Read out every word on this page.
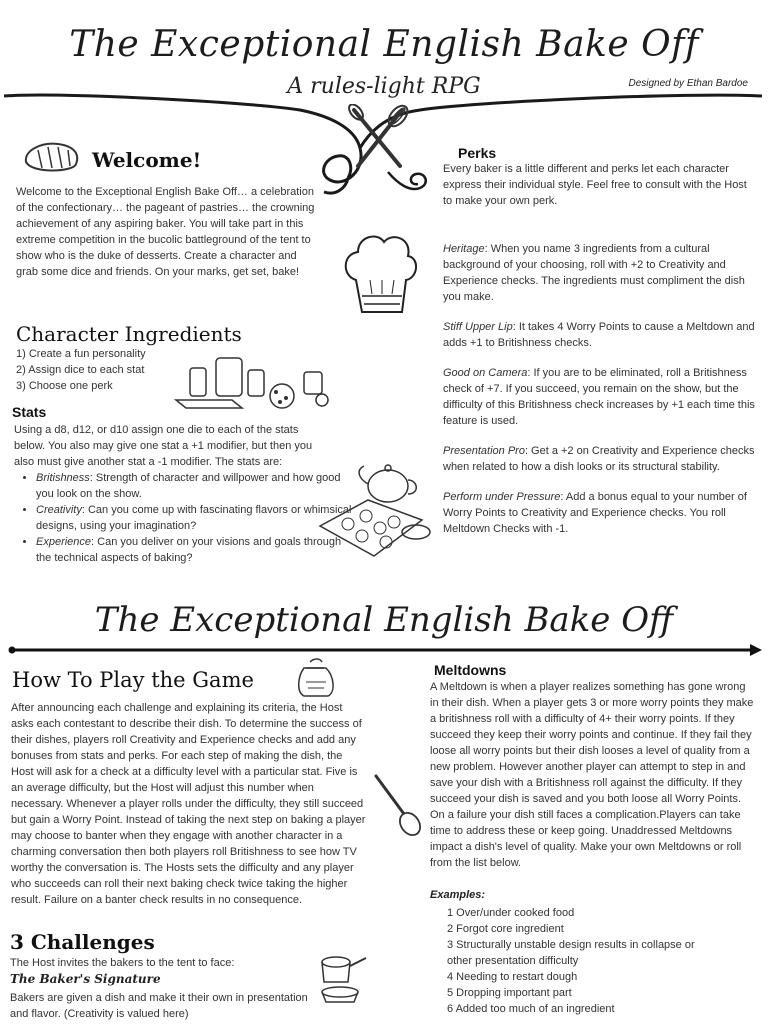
The Exceptional English Bake Off
A rules-light RPG	Designed by Ethan Bardoe
Welcome!
Welcome to the Exceptional English Bake Off… a celebration of the confectionary… the pageant of pastries… the crowning achievement of any aspiring baker. You will take part in this extreme competition in the bucolic battleground of the tent to show who is the duke of desserts. Create a character and grab some dice and friends. On your marks, get set, bake!
Character Ingredients
1) Create a fun personality
2) Assign dice to each stat
3) Choose one perk
Stats
Using a d8, d12, or d10 assign one die to each of the stats below. You also may give one stat a +1 modifier, but then you also must give another stat a -1 modifier. The stats are:
• Britishness: Strength of character and willpower and how good you look on the show.
• Creativity: Can you come up with fascinating flavors or whimsical designs, using your imagination?
• Experience: Can you deliver on your visions and goals through the technical aspects of baking?
Perks

Every baker is a little different and perks let each character express their individual style. Feel free to consult with the Host to make your own perk.

Heritage: When you name 3 ingredients from a cultural background of your choosing, roll with +2 to Creativity and Experience checks. The ingredients must compliment the dish you make.

Stiff Upper Lip: It takes 4 Worry Points to cause a Meltdown and adds +1 to Britishness checks.

Good on Camera: If you are to be eliminated, roll a Britishness check of +7. If you succeed, you remain on the show, but the difficulty of this Britishness check increases by +1 each time this feature is used.

Presentation Pro: Get a +2 on Creativity and Experience checks when related to how a dish looks or its structural stability.

Perform under Pressure: Add a bonus equal to your number of Worry Points to Creativity and Experience checks. You roll Meltdown Checks with -1.

The Exceptional English Bake Off
How To Play the Game
After announcing each challenge and explaining its criteria, the Host asks each contestant to describe their dish. To determine the success of their dishes, players roll Creativity and Experience checks and add any bonuses from stats and perks. For each step of making the dish, the Host will ask for a check at a difficulty level with a particular stat. Five is an average difficulty, but the Host will adjust this number when necessary. Whenever a player rolls under the difficulty, they still succeed but gain a Worry Point. Instead of taking the next step on baking a player may choose to banter when they engage with another character in a charming conversation then both players roll Britishness to see how TV worthy the conversation is. The Hosts sets the difficulty and any player who succeeds can roll their next baking check twice taking the higher result. Failure on a banter check results in no consequence.
3 Challenges
The Host invites the bakers to the tent to face:
The Baker's Signature
Bakers are given a dish and make it their own in presentation and flavor. (Creativity is valued here)
Meltdowns
A Meltdown is when a player realizes something has gone wrong in their dish. When a player gets 3 or more worry points they make a britishness roll with a difficulty of 4+ their worry points. If they succeed they keep their worry points and continue. If they fail they loose all worry points but their dish looses a level of quality from a new problem. However another player can attempt to step in and save your dish with a Britishness roll against the difficulty. If they succeed your dish is saved and you both loose all Worry Points. On a failure your dish still faces a complication.Players can take time to address these or keep going. Unaddressed Meltdowns impact a dish's level of quality. Make your own Meltdowns or roll from the list below.
Examples:
1 Over/under cooked food
2 Forgot core ingredient
3 Structurally unstable design results in collapse or
other presentation difficulty
4 Needing to restart dough
5 Dropping important part
6 Added too much of an ingredient
